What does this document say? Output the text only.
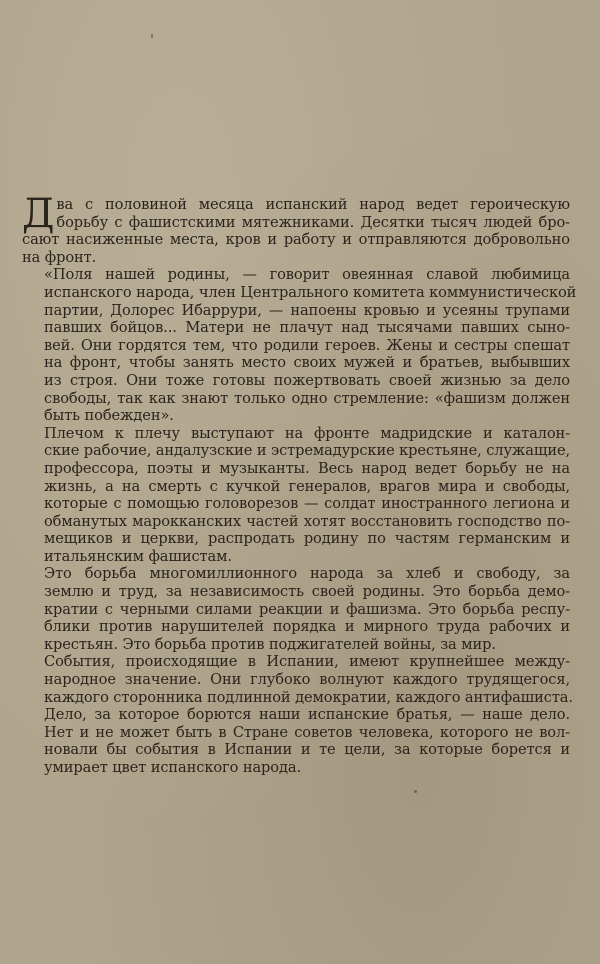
Д ва с половиной месяца испанский народ ведет героическую
борьбу с фашистскими мятежниками. Десятки тысяч людей бро-
сают насиженные места, кров и работу и отправляются добровольно
на фронт.

«Поля нашей родины, — говорит овеянная славой любимица
испанского народа, член Центрального комитета коммунистической
партии, Долорес Ибаррури, — напоены кровью и усеяны трупами
павших бойцов... Матери не плачут над тысячами павших сыно-
вей. Они гордятся тем, что родили героев. Жены и сестры спешат
на фронт, чтобы занять место своих мужей и братьев, выбывших
из строя. Они тоже готовы пожертвовать своей жизнью за дело
свободы, так как знают только одно стремление: «фашизм должен
быть побежден».

Плечом к плечу выступают на фронте мадридские и каталон-
ские рабочие, андалузские и эстремадурские крестьяне, служащие,
профессора, поэты и музыканты. Весь народ ведет борьбу не на
жизнь, а на смерть с кучкой генералов, врагов мира и свободы,
которые с помощью головорезов — солдат иностранного легиона и
обманутых марокканских частей хотят восстановить господство по-
мещиков и церкви, распродать родину по частям германским и
итальянским фашистам.

Это борьба многомиллионного народа за хлеб и свободу, за
землю и труд, за независимость своей родины. Это борьба демо-
кратии с черными силами реакции и фашизма. Это борьба респу-
блики против нарушителей порядка и мирного труда рабочих и
крестьян. Это борьба против поджигателей войны, за мир.

События, происходящие в Испании, имеют крупнейшее между-
народное значение. Они глубоко волнуют каждого трудящегося,
каждого сторонника подлинной демократии, каждого антифашиста.

Дело, за которое борются наши испанские братья, — наше дело.
Нет и не может быть в Стране советов человека, которого не вол-
новали бы события в Испании и те цели, за которые борется и
умирает цвет испанского народа.
